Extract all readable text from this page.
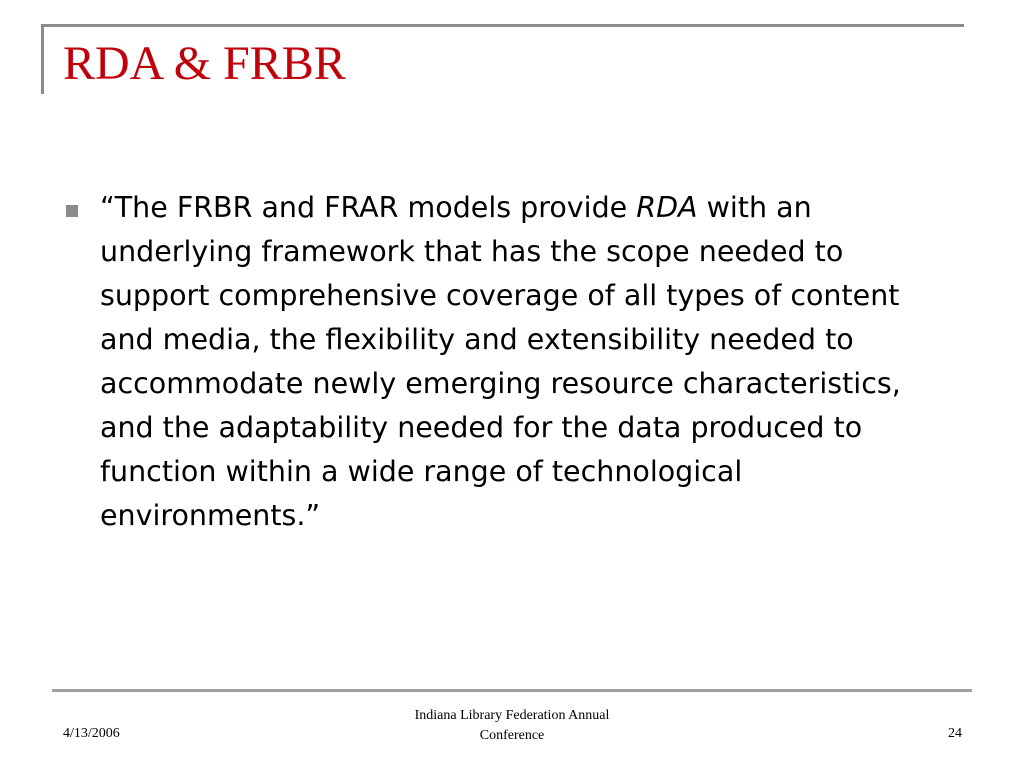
RDA & FRBR
“The FRBR and FRAR models provide RDA with an underlying framework that has the scope needed to support comprehensive coverage of all types of content and media, the flexibility and extensibility needed to accommodate newly emerging resource characteristics, and the adaptability needed for the data produced to function within a wide range of technological environments.”
4/13/2006
Indiana Library Federation Annual
Conference	24
